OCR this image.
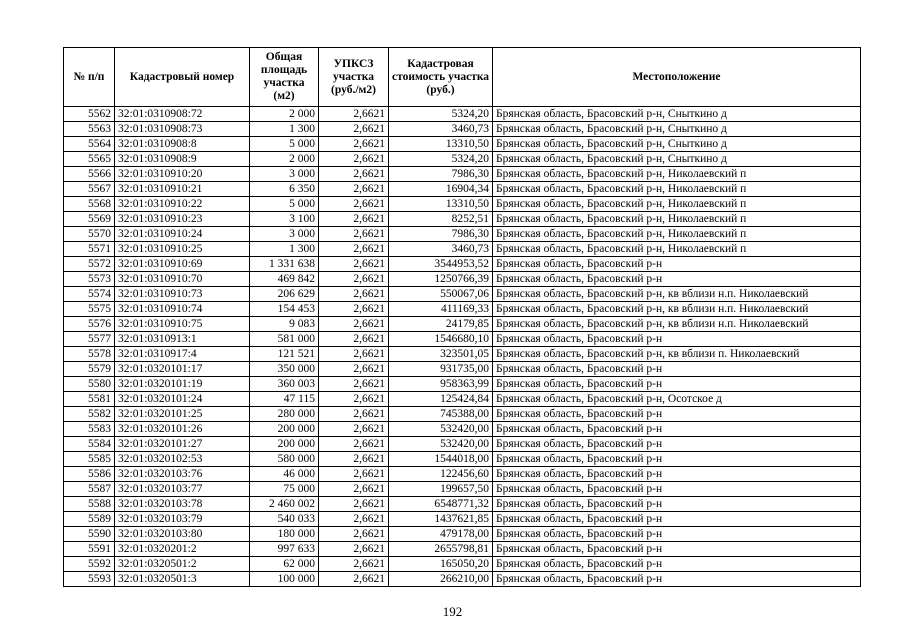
№ п/п	Кадастровый номер	Общая площадь участка (м2)	УПКСЗ участка (руб./м2)	Кадастровая стоимость участка (руб.)	Местоположение
5562	32:01:0310908:72	2 000	2,6621	5324,20	Брянская область, Брасовский р-н, Сныткино д
5563	32:01:0310908:73	1 300	2,6621	3460,73	Брянская область, Брасовский р-н, Сныткино д
5564	32:01:0310908:8	5 000	2,6621	13310,50	Брянская область, Брасовский р-н, Сныткино д
5565	32:01:0310908:9	2 000	2,6621	5324,20	Брянская область, Брасовский р-н, Сныткино д
5566	32:01:0310910:20	3 000	2,6621	7986,30	Брянская область, Брасовский р-н, Николаевский п
5567	32:01:0310910:21	6 350	2,6621	16904,34	Брянская область, Брасовский р-н, Николаевский п
5568	32:01:0310910:22	5 000	2,6621	13310,50	Брянская область, Брасовский р-н, Николаевский п
5569	32:01:0310910:23	3 100	2,6621	8252,51	Брянская область, Брасовский р-н, Николаевский п
5570	32:01:0310910:24	3 000	2,6621	7986,30	Брянская область, Брасовский р-н, Николаевский п
5571	32:01:0310910:25	1 300	2,6621	3460,73	Брянская область, Брасовский р-н, Николаевский п
5572	32:01:0310910:69	1 331 638	2,6621	3544953,52	Брянская область, Брасовский р-н
5573	32:01:0310910:70	469 842	2,6621	1250766,39	Брянская область, Брасовский р-н
5574	32:01:0310910:73	206 629	2,6621	550067,06	Брянская область, Брасовский р-н, кв вблизи н.п. Николаевский
5575	32:01:0310910:74	154 453	2,6621	411169,33	Брянская область, Брасовский р-н, кв вблизи н.п. Николаевский
5576	32:01:0310910:75	9 083	2,6621	24179,85	Брянская область, Брасовский р-н, кв вблизи н.п. Николаевский
5577	32:01:0310913:1	581 000	2,6621	1546680,10	Брянская область, Брасовский р-н
5578	32:01:0310917:4	121 521	2,6621	323501,05	Брянская область, Брасовский р-н, кв вблизи п. Николаевский
5579	32:01:0320101:17	350 000	2,6621	931735,00	Брянская область, Брасовский р-н
5580	32:01:0320101:19	360 003	2,6621	958363,99	Брянская область, Брасовский р-н
5581	32:01:0320101:24	47 115	2,6621	125424,84	Брянская область, Брасовский р-н, Осотское д
5582	32:01:0320101:25	280 000	2,6621	745388,00	Брянская область, Брасовский р-н
5583	32:01:0320101:26	200 000	2,6621	532420,00	Брянская область, Брасовский р-н
5584	32:01:0320101:27	200 000	2,6621	532420,00	Брянская область, Брасовский р-н
5585	32:01:0320102:53	580 000	2,6621	1544018,00	Брянская область, Брасовский р-н
5586	32:01:0320103:76	46 000	2,6621	122456,60	Брянская область, Брасовский р-н
5587	32:01:0320103:77	75 000	2,6621	199657,50	Брянская область, Брасовский р-н
5588	32:01:0320103:78	2 460 002	2,6621	6548771,32	Брянская область, Брасовский р-н
5589	32:01:0320103:79	540 033	2,6621	1437621,85	Брянская область, Брасовский р-н
5590	32:01:0320103:80	180 000	2,6621	479178,00	Брянская область, Брасовский р-н
5591	32:01:0320201:2	997 633	2,6621	2655798,81	Брянская область, Брасовский р-н
5592	32:01:0320501:2	62 000	2,6621	165050,20	Брянская область, Брасовский р-н
5593	32:01:0320501:3	100 000	2,6621	266210,00	Брянская область, Брасовский р-н
192
